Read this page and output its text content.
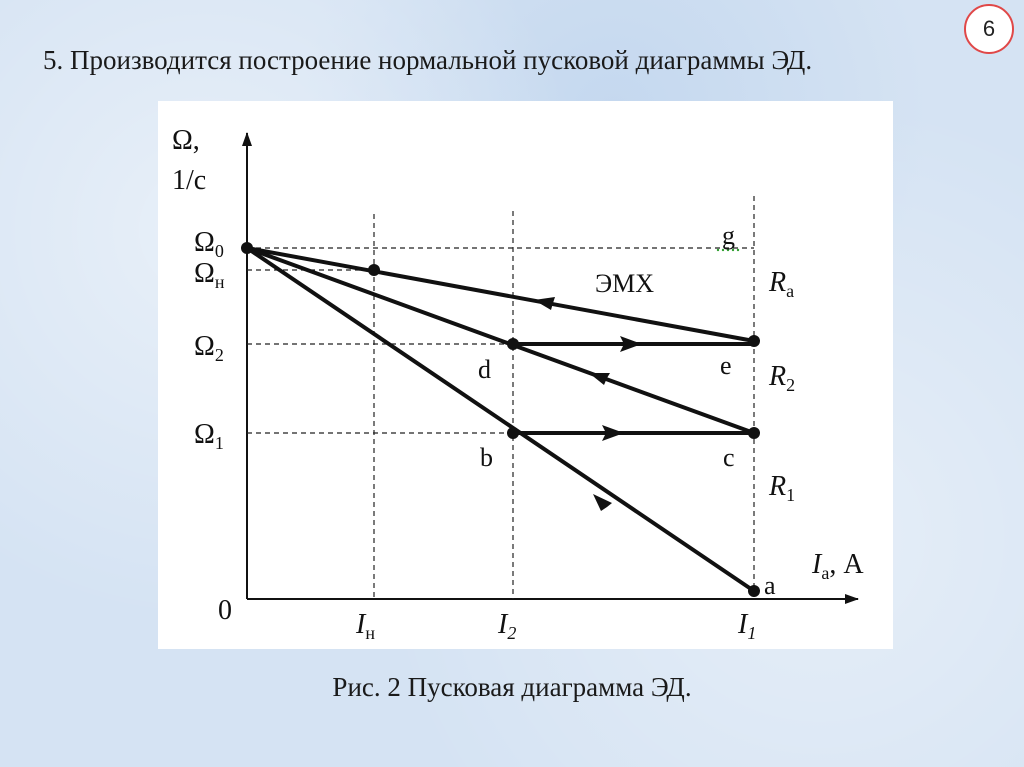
6
5. Производится построение нормальной пусковой диаграммы ЭД.
Ω,
1/с
$I_а$, А
0
$\Omega_0$
$\Omega_н$
$\Omega_2$
$\Omega_1$
$I_н$	$I_2$	$I_1$
a
b	c
d	e
g
ЭМХ	$R_а$
$R_2$
$R_1$
Рис. 2 Пусковая диаграмма ЭД.
